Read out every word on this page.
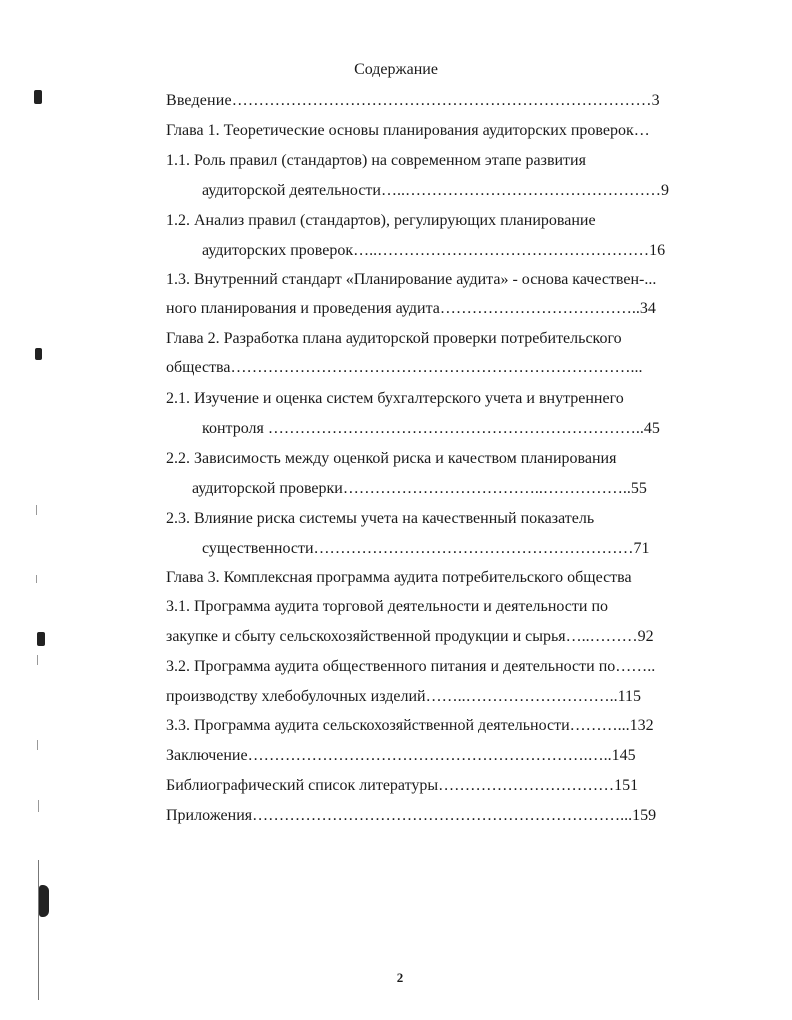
Содержание
Введение……………………………………………………………………3
Глава 1. Теоретические основы планирования аудиторских проверок…
1.1. Роль правил (стандартов) на современном этапе развития
аудиторской деятельности…..…………………………………………9
1.2. Анализ правил (стандартов), регулирующих планирование
аудиторских проверок…..……………………………………………16
1.3. Внутренний стандарт «Планирование аудита» - основа качествен-...
ного планирования и проведения аудита………………………………..34
Глава 2. Разработка плана аудиторской проверки потребительского
общества…………………………………………………………………...
2.1. Изучение и оценка систем бухгалтерского учета и внутреннего
контроля ……………………………………………………………..45
2.2. Зависимость между оценкой риска и качеством планирования
аудиторской проверки………………………………..……………..55
2.3. Влияние риска системы учета на качественный показатель
существенности……………………………………………………71
Глава 3. Комплексная программа аудита потребительского общества
3.1. Программа аудита торговой деятельности и деятельности по
закупке и сбыту сельскохозяйственной продукции и сырья…..………92
3.2. Программа аудита общественного питания и деятельности по……..
производству хлебобулочных изделий……..………………………..115
3.3. Программа аудита сельскохозяйственной деятельности………...132
Заключение……………………………………………………….…..145
Библиографический список литературы……………………………151
Приложения……………………………………………………………...159
2
